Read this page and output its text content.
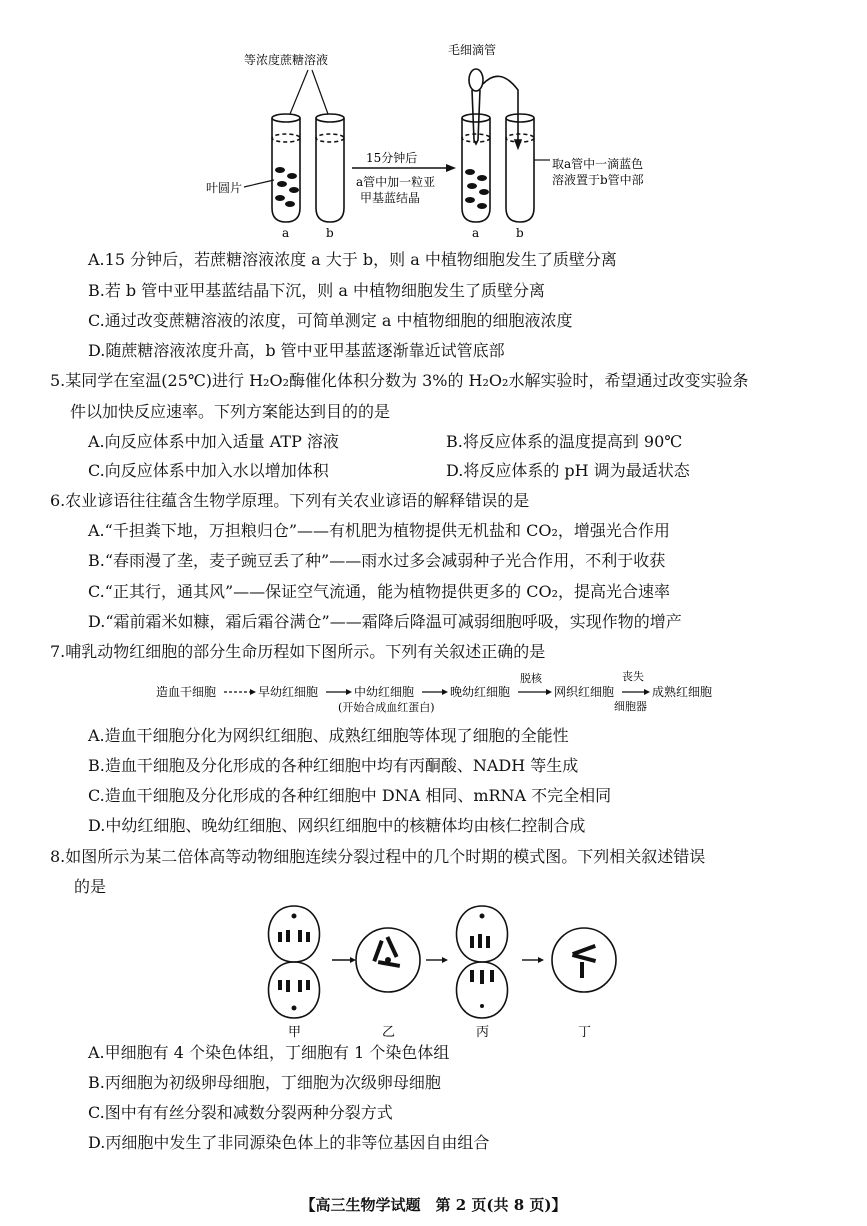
等浓度蔗糖溶液
毛细滴管
叶圆片
15分钟后
a管中加一粒亚
甲基蓝结晶
取a管中一滴蓝色
溶液置于b管中部
a	b	a	b
A.15 分钟后，若蔗糖溶液浓度 a 大于 b，则 a 中植物细胞发生了质壁分离
B.若 b 管中亚甲基蓝结晶下沉，则 a 中植物细胞发生了质壁分离
C.通过改变蔗糖溶液的浓度，可简单测定 a 中植物细胞的细胞液浓度
D.随蔗糖溶液浓度升高，b 管中亚甲基蓝逐渐靠近试管底部
5.某同学在室温(25℃)进行 H₂O₂酶催化体积分数为 3%的 H₂O₂水解实验时，希望通过改变实验条
件以加快反应速率。下列方案能达到目的的是
A.向反应体系中加入适量 ATP 溶液	B.将反应体系的温度提高到 90℃
C.向反应体系中加入水以增加体积	D.将反应体系的 pH 调为最适状态
6.农业谚语往往蕴含生物学原理。下列有关农业谚语的解释错误的是
A.“千担粪下地，万担粮归仓”——有机肥为植物提供无机盐和 CO₂，增强光合作用
B.“春雨漫了垄，麦子豌豆丢了种”——雨水过多会减弱种子光合作用，不利于收获
C.“正其行，通其风”——保证空气流通，能为植物提供更多的 CO₂，提高光合速率
D.“霜前霜米如糠，霜后霜谷满仓”——霜降后降温可减弱细胞呼吸，实现作物的增产
7.哺乳动物红细胞的部分生命历程如下图所示。下列有关叙述正确的是
造血干细胞	早幼红细胞	中幼红细胞	晚幼红细胞
脱核
网织红细胞
丧失
细胞器
成熟红细胞
(开始合成血红蛋白)
A.造血干细胞分化为网织红细胞、成熟红细胞等体现了细胞的全能性
B.造血干细胞及分化形成的各种红细胞中均有丙酮酸、NADH 等生成
C.造血干细胞及分化形成的各种红细胞中 DNA 相同、mRNA 不完全相同
D.中幼红细胞、晚幼红细胞、网织红细胞中的核糖体均由核仁控制合成
8.如图所示为某二倍体高等动物细胞连续分裂过程中的几个时期的模式图。下列相关叙述错误
的是
甲	乙	丙	丁
A.甲细胞有 4 个染色体组，丁细胞有 1 个染色体组
B.丙细胞为初级卵母细胞，丁细胞为次级卵母细胞
C.图中有有丝分裂和减数分裂两种分裂方式
D.丙细胞中发生了非同源染色体上的非等位基因自由组合
【高三生物学试题　第 2 页(共 8 页)】
